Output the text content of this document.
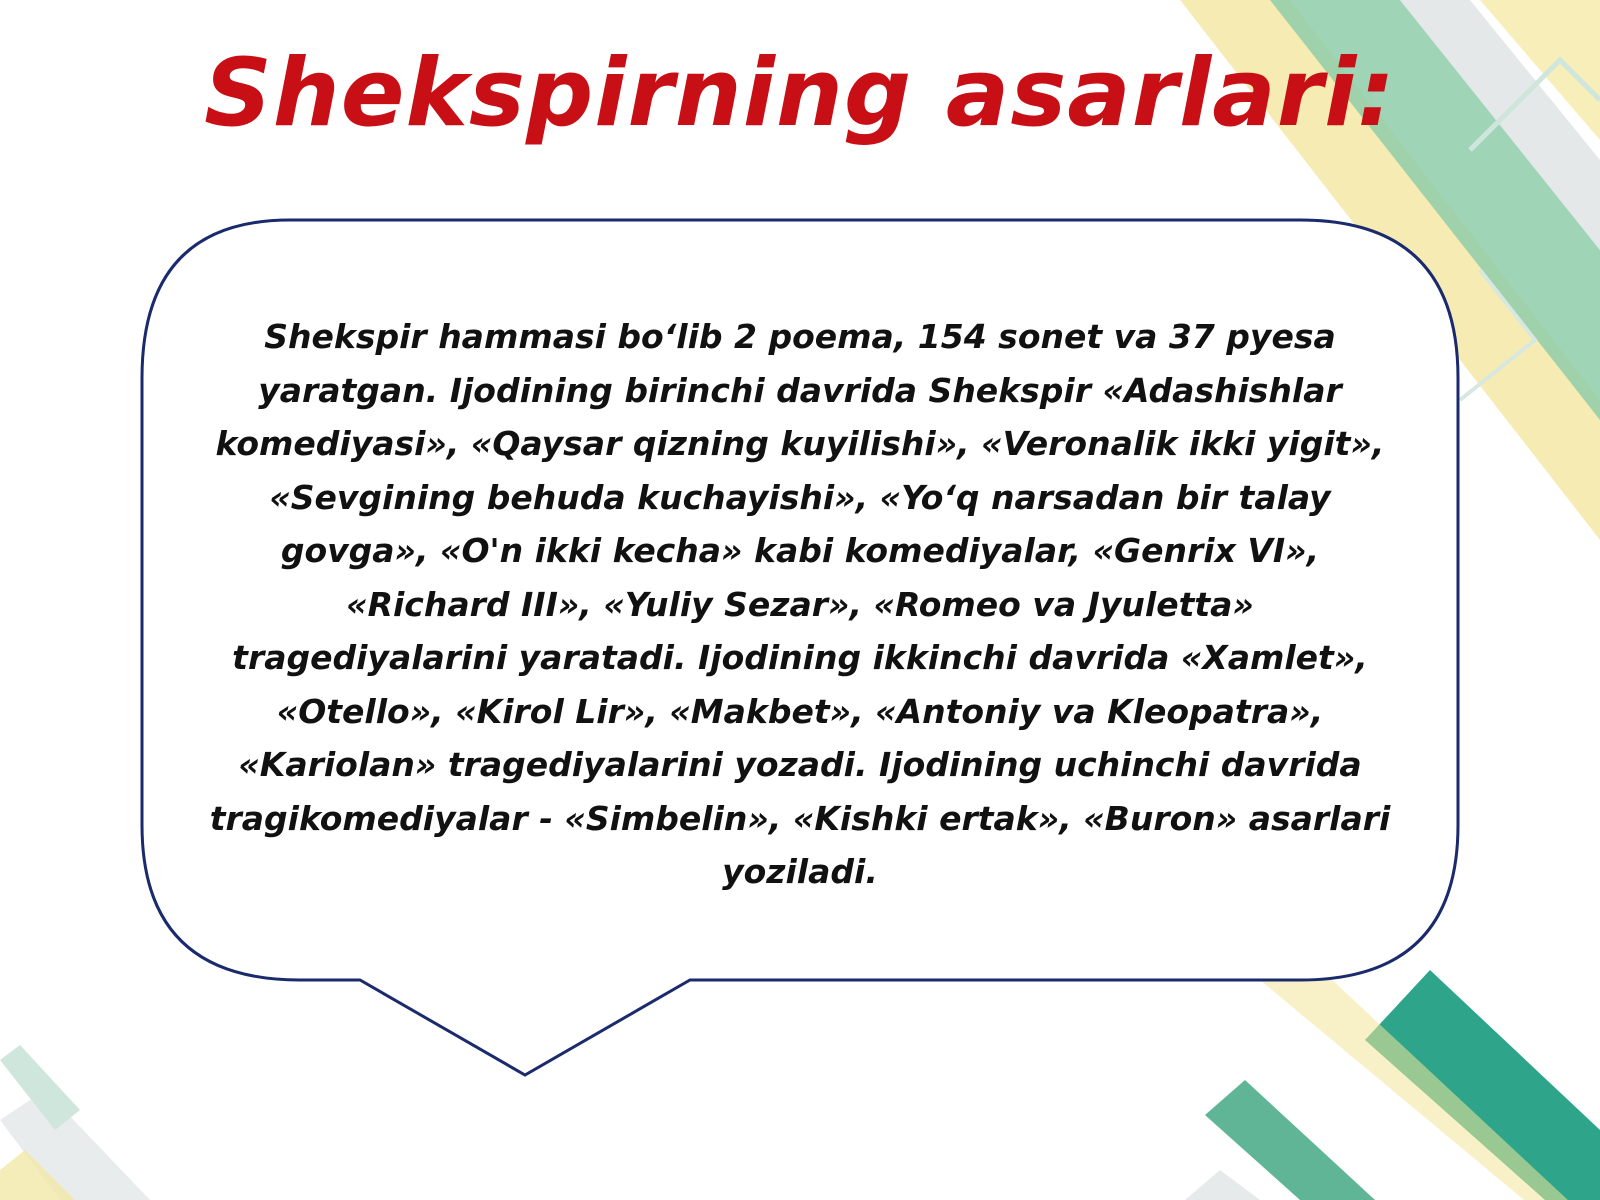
Shekspirning asarlari:

Shekspir hammasi bo‘lib 2 poema, 154 sonet va 37 pyesa yaratgan. Ijodining birinchi davrida Shekspir «Adashishlar komediyasi», «Qaysar qizning kuyilishi», «Veronalik ikki yigit», «Sevgining behuda kuchayishi», «Yo‘q narsadan bir talay govga», «O'n ikki kecha» kabi komediyalar, «Genrix VI», «Richard III», «Yuliy Sezar», «Romeo va Jyuletta» tragediyalarini yaratadi. Ijodining ikkinchi davrida «Xamlet», «Otello», «Kirol Lir», «Makbet», «Antoniy va Kleopatra», «Kariolan» tragediyalarini yozadi. Ijodining uchinchi davrida tragikomediyalar - «Simbelin», «Kishki ertak», «Buron» asarlari yoziladi.
